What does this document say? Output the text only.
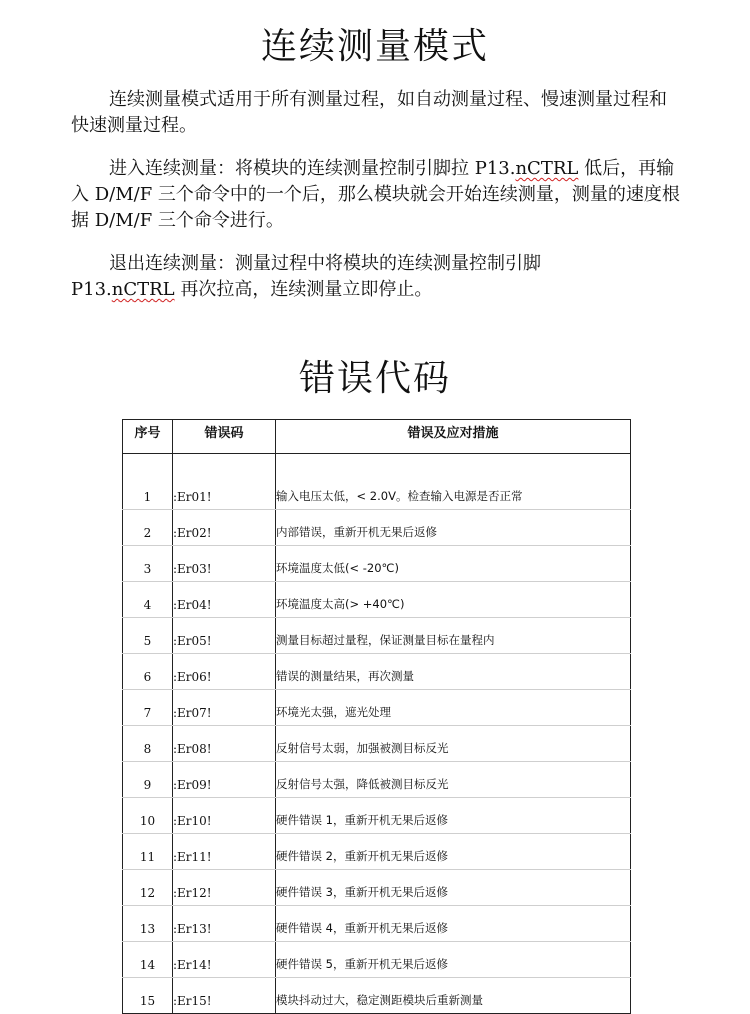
连续测量模式

连续测量模式适用于所有测量过程，如自动测量过程、慢速测量过程和快速测量过程。

进入连续测量：将模块的连续测量控制引脚拉 P13.nCTRL 低后，再输入 D/M/F 三个命令中的一个后，那么模块就会开始连续测量，测量的速度根据 D/M/F 三个命令进行。

退出连续测量：测量过程中将模块的连续测量控制引脚P13.nCTRL 再次拉高，连续测量立即停止。

错误代码
序号	错误码	错误及应对措施
1	:Er01!	输入电压太低，< 2.0V。检查输入电源是否正常
2	:Er02!	内部错误，重新开机无果后返修
3	:Er03!	环境温度太低(< -20℃)
4	:Er04!	环境温度太高(> +40℃)
5	:Er05!	测量目标超过量程，保证测量目标在量程内
6	:Er06!	错误的测量结果，再次测量
7	:Er07!	环境光太强，遮光处理
8	:Er08!	反射信号太弱，加强被测目标反光
9	:Er09!	反射信号太强，降低被测目标反光
10	:Er10!	硬件错误 1，重新开机无果后返修
11	:Er11!	硬件错误 2，重新开机无果后返修
12	:Er12!	硬件错误 3，重新开机无果后返修
13	:Er13!	硬件错误 4，重新开机无果后返修
14	:Er14!	硬件错误 5，重新开机无果后返修
15	:Er15!	模块抖动过大，稳定测距模块后重新测量
